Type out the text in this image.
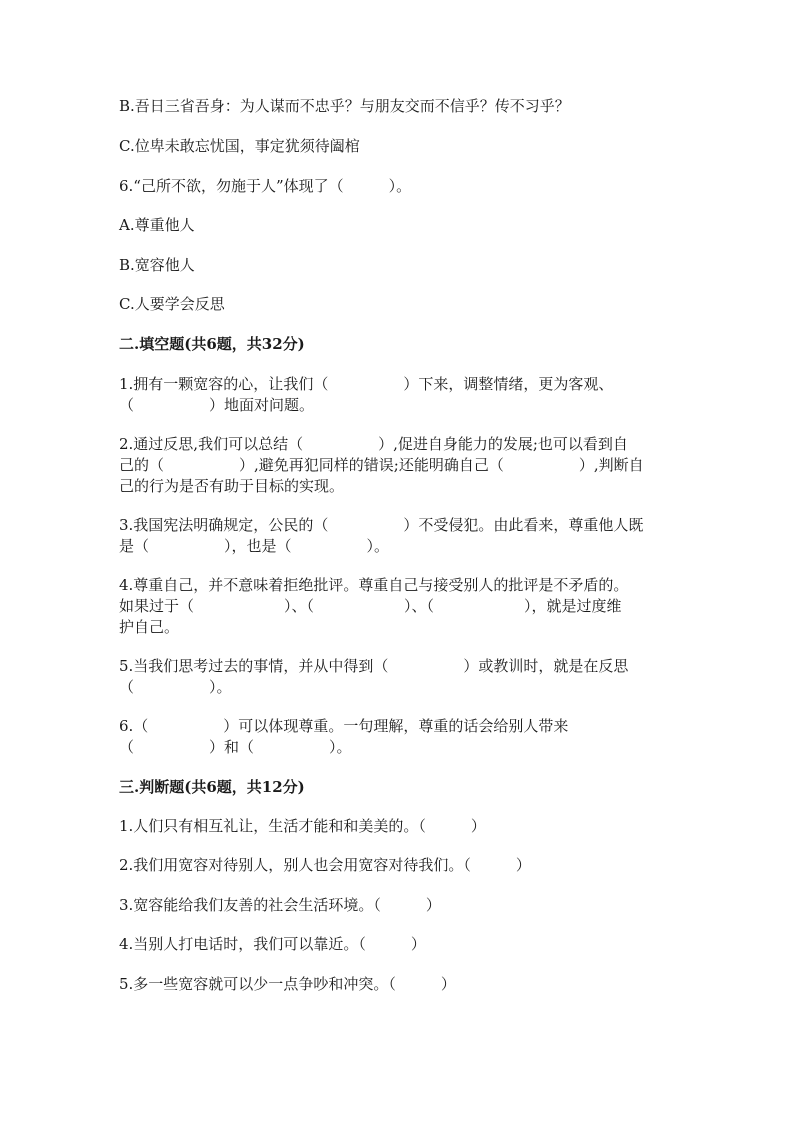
B.吾日三省吾身：为人谋而不忠乎？与朋友交而不信乎？传不习乎？
C.位卑未敢忘忧国，事定犹须待阖棺
6.“己所不欲，勿施于人”体现了（　　　）。
A.尊重他人
B.宽容他人
C.人要学会反思
二.填空题(共6题，共32分)
1.拥有一颗宽容的心，让我们（　　　　　）下来，调整情绪，更为客观、
（　　　　　）地面对问题。
2.通过反思,我们可以总结（　　　　　）,促进自身能力的发展;也可以看到自
己的（　　　　　）,避免再犯同样的错误;还能明确自己（　　　　　）,判断自
己的行为是否有助于目标的实现。
3.我国宪法明确规定，公民的（　　　　　）不受侵犯。由此看来，尊重他人既
是（　　　　　），也是（　　　　　）。
4.尊重自己，并不意味着拒绝批评。尊重自己与接受别人的批评是不矛盾的。
如果过于（　　　　　　）、（　　　　　　）、（　　　　　　），就是过度维
护自己。
5.当我们思考过去的事情，并从中得到（　　　　　）或教训时，就是在反思
（　　　　　）。
6.（　　　　　）可以体现尊重。一句理解，尊重的话会给别人带来
（　　　　　）和（　　　　　）。
三.判断题(共6题，共12分)
1.人们只有相互礼让，生活才能和和美美的。（　　　）
2.我们用宽容对待别人，别人也会用宽容对待我们。（　　　）
3.宽容能给我们友善的社会生活环境。（　　　）
4.当别人打电话时，我们可以靠近。（　　　）
5.多一些宽容就可以少一点争吵和冲突。（　　　）
